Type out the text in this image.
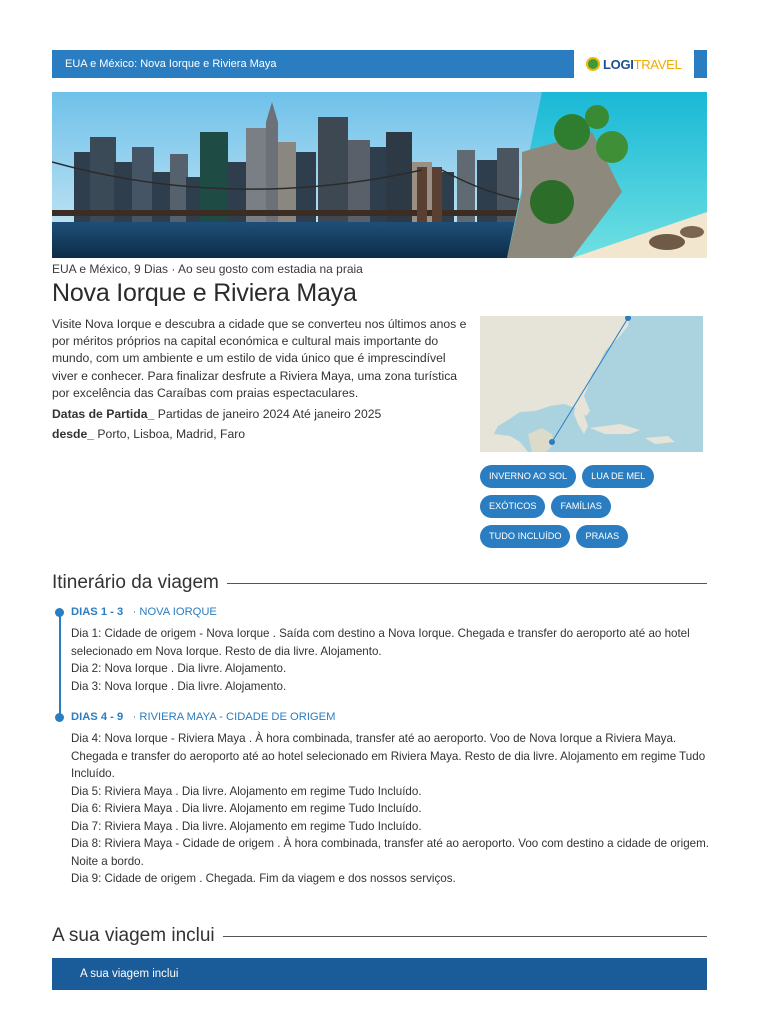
EUA e México: Nova Iorque e Riviera Maya	LOGITRAVEL
EUA e México, 9 Dias · Ao seu gosto com estadia na praia
Nova Iorque e Riviera Maya

Visite Nova Iorque e descubra a cidade que se converteu nos últimos anos e por méritos próprios na capital económica e cultural mais importante do mundo, com um ambiente e um estilo de vida único que é imprescindível viver e conhecer. Para finalizar desfrute a Riviera Maya, uma zona turística por excelência das Caraíbas com praias espectaculares.

Datas de Partida_ Partidas de janeiro 2024 Até janeiro 2025
desde_ Porto, Lisboa, Madrid, Faro
INVERNO AO SOL	LUA DE MEL
EXÓTICOS	FAMÍLIAS
TUDO INCLUÍDO	PRAIAS
Itinerário da viagem
DIAS 1 - 3 · NOVA IORQUE

Dia 1: Cidade de origem - Nova Iorque . Saída com destino a Nova Iorque. Chegada e transfer do aeroporto até ao hotel selecionado em Nova Iorque. Resto de dia livre. Alojamento.

Dia 2: Nova Iorque . Dia livre. Alojamento.

Dia 3: Nova Iorque . Dia livre. Alojamento.

DIAS 4 - 9 · RIVIERA MAYA - CIDADE DE ORIGEM

Dia 4: Nova Iorque - Riviera Maya . À hora combinada, transfer até ao aeroporto. Voo de Nova Iorque a Riviera Maya. Chegada e transfer do aeroporto até ao hotel selecionado em Riviera Maya. Resto de dia livre. Alojamento em regime Tudo Incluído.

Dia 5: Riviera Maya . Dia livre. Alojamento em regime Tudo Incluído.

Dia 6: Riviera Maya . Dia livre. Alojamento em regime Tudo Incluído.

Dia 7: Riviera Maya . Dia livre. Alojamento em regime Tudo Incluído.

Dia 8: Riviera Maya - Cidade de origem . À hora combinada, transfer até ao aeroporto. Voo com destino a cidade de origem. Noite a bordo.

Dia 9: Cidade de origem . Chegada. Fim da viagem e dos nossos serviços.

A sua viagem inclui
A sua viagem inclui
